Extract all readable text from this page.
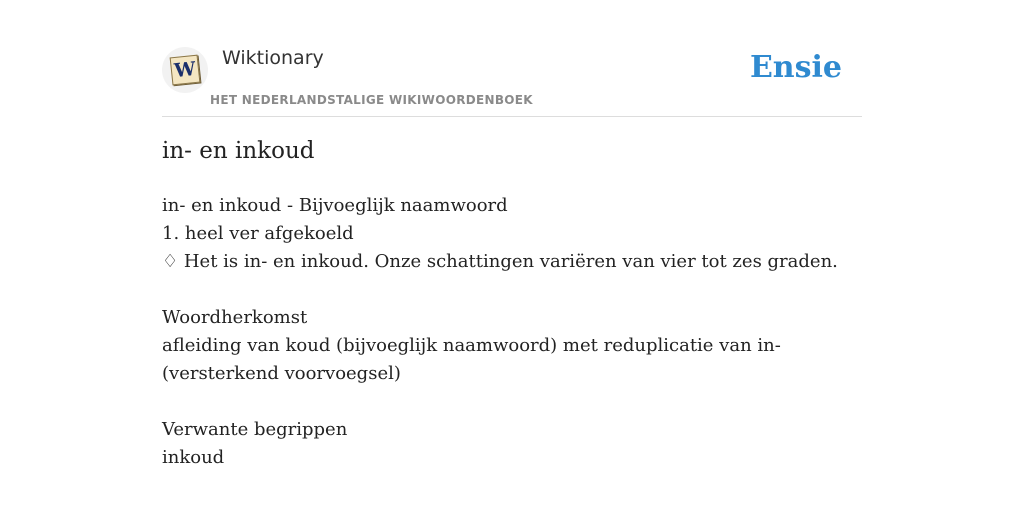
W Wiktionary
HET NEDERLANDSTALIGE WIKIWOORDENBOEK
Ensie
in- en inkoud
in- en inkoud - Bijvoeglijk naamwoord
1. heel ver afgekoeld
♢ Het is in- en inkoud. Onze schattingen variëren van vier tot zes graden.
Woordherkomst
afleiding van koud (bijvoeglijk naamwoord) met reduplicatie van in-
(versterkend voorvoegsel)
Verwante begrippen
inkoud
